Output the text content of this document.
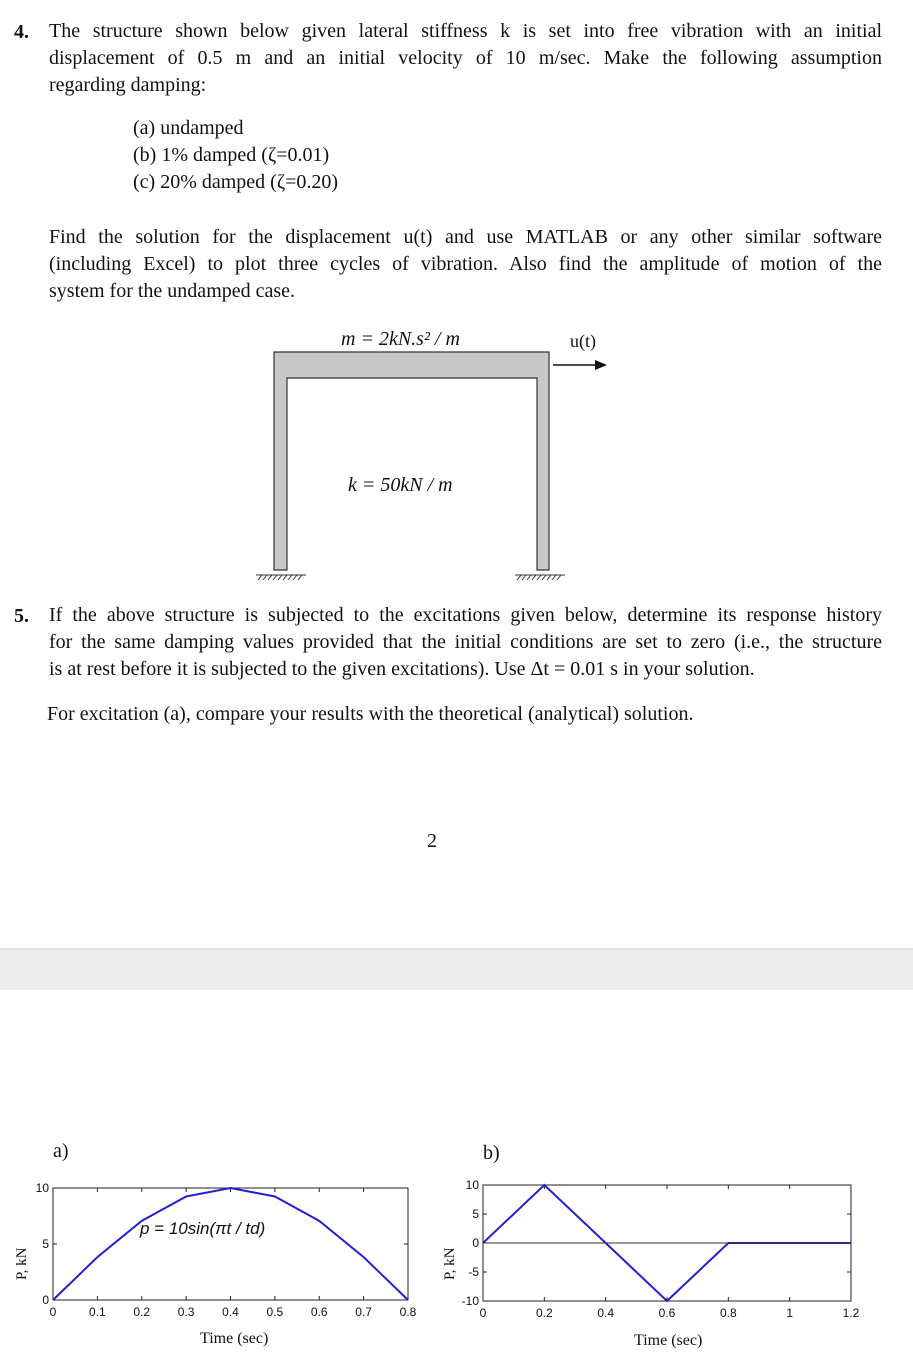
4. The structure shown below given lateral stiffness k is set into free vibration with an initial
displacement of 0.5 m and an initial velocity of 10 m/sec. Make the following assumption
regarding damping:
(a) undamped
(b) 1% damped (ζ=0.01)
(c) 20% damped (ζ=0.20)
Find the solution for the displacement u(t) and use MATLAB or any other similar software
(including Excel) to plot three cycles of vibration. Also find the amplitude of motion of the
system for the undamped case.
m = 2kN.s² / m	u(t)
k = 50kN / m
5. If the above structure is subjected to the excitations given below, determine its response history
for the same damping values provided that the initial conditions are set to zero (i.e., the structure
is at rest before it is subjected to the given excitations). Use Δt = 0.01 s in your solution.
For excitation (a), compare your results with the theoretical (analytical) solution.
2
0	0.1 0.2 0.3 0.4 0.5 0.6 0.7 0.8
0
5
10
p = 10sin(πt / td)
0	0.2	0.4	0.6	0.8	1	1.2
-10
-5
0
5
10
a)	b)
P, kN	P, kN
Time (sec)	Time (sec)
